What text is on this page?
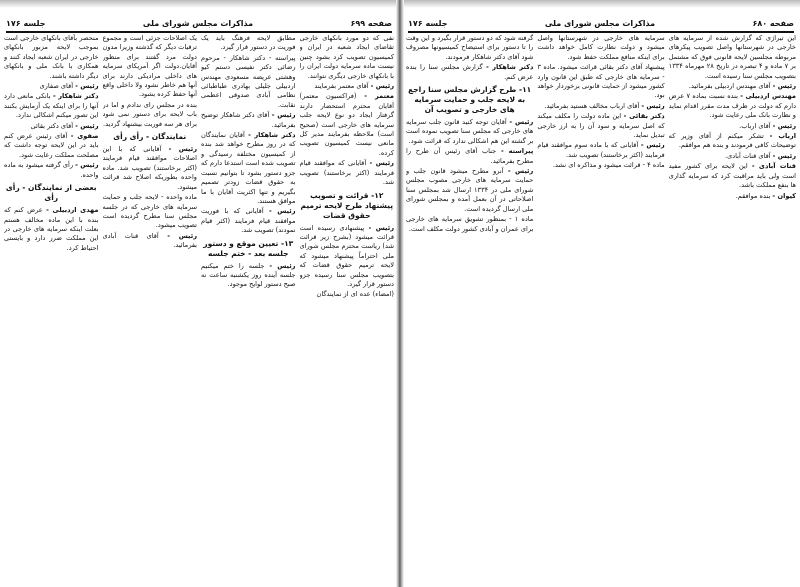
صفحه ۶۹۹
مذاکرات مجلس شورای ملی
جلسه ۱۷۶

نفی که دو مورد بانکهای خارجی تقاضای ایجاد شعبه در ایران و کمیسیون تصویب کرد بشود چنین نیست ماده سرمایه دولت ایران را با بانکهای خارجی دیگری نتوانند.

رئیس - آقای معتمر بفرمایند

معتمر - (فراکسیون معتمر) آقایان محترم استحضار دارند گرفتار ایجاد دو نوع لایحه جلب سرمایه های خارجی است (صحیح است) ملاحظه بفرمایند مدیر کل مانعی نیست کمیسیون تصویب کرده.

رئیس - آقایانی که موافقند قیام فرمایند (اکثر برخاستند) تصویب شد.

۱۲- قرائت و تصویب پیشنهاد طرح لایحه ترمیم حقوق قضات

رئیس - پیشنهادی رسیده است قرائت میشود (بشرح زیر قرائت شد) ریاست محترم مجلس شورای ملی احتراماً پیشنهاد میشود که لایحه ترمیم حقوق قضات که بتصویب مجلس سنا رسیده جزو دستور قرار گیرد.

(امضاء) عده ای از نمایندگان

مطابق لایحه فرهنگ باید یک فوریت در دستور قرار گیرد.

پیراسته - دکتر شاهکار - مرحوم رضائی دکتر نفیسی دستم کیو وهشتی عریضه مسعودی مهندس اردبیلی جلیلی بهادری طباطبائی نظامی آبادی صدوقی اعظمی نقابت.

رئیس - آقای دکتر شاهکار توضیح بفرمائید.

دکتر شاهکار - آقایان نمایندگان که در روز مطرح خواهد شد بنده از کمیسیون مختلفه رسیدگی و تصویب شده است استدعا دارم که جزو دستور بشود تا بتوانیم نسبت به حقوق قضات زودتر تصمیم بگیریم و تنها اکثریت آقایان با ما موافق هستند.

رئیس - آقایانی که با فوریت موافقند قیام فرمایند (اکثر قیام نمودند) تصویب شد.

۱۳- تعیین موقع و دستور جلسه بعد - ختم جلسه

رئیس - جلسه را ختم میکنیم جلسه آینده روز یکشنبه ساعت نه صبح دستور لوایح موجود.

یک اصلاحات جزئی است و مجموع ترقیات دیگر که گذشته وزیرا مدون دولت مرد گفتند برای منظور آقایان.دولت اگر آمریکای سرمایه های داخلی مرادیکی دارند برای آنها هم خاطر نشود ولا داخلی واقع آنها حفظ کرده بشود.

بنده در مجلس رای ندادم و اما در باب لایحه برای دستور نمی شود برای هر سه فوریت بیشنهاد گردید.

نمایندگان - رأی رأی

رئیس - آقایانی که با این اصلاحات موافقند قیام فرمایند (اکثر برخاستند) تصویب شد. ماده واحده بطوریکه اصلاح شد قرائت میشود.

ماده واحده - لایحه جلب و حمایت سرمایه های خارجی که در جلسه مجلس سنا مطرح گردیده است تصویب میشود.

رئیس - آقای قنات آبادی بفرمائید.

منحصر بآقای بانکهای خارجی است بموجب لایحه مزبور بانکهای خارجی در ایران شعبه ایجاد کنند و همکاری با بانک ملی و بانکهای دیگر داشته باشند.

رئیس - آقای صفاری

دکتر شاهکار - بانکی مانعی دارد آنها را برای اینکه یک آزمایش بکنند این تصور میکنم اشکالی ندارد.

رئیس - آقای دکتر بقائی

صفوی - آقای رئیس عرض کنم باید در این لایحه توجه داشت که مصلحت مملکت رعایت شود.

رئیس - رأی گرفته میشود به ماده واحده.

بعضی از نمایندگان - رأی رأی

مهدی اردبیلی - عرض کنم که بنده با این ماده مخالف هستم بعلت اینکه سرمایه های خارجی در این مملکت ضرر دارد و بایستی احتیاط کرد.

صفحه ۶۸۰
مذاکرات مجلس شورای ملی
جلسه ۱۷۶

این تیراژی که گزارش شده از سرمایه های خارجی در شهرستانها واصل تصویب پیکرهای مربوطه مجلسین لایحه قانونی فوق که مشتمل بر ۷ ماده و ۴ تبصره در تاریخ ۲۸ مهرماه ۱۳۳۴ بتصویب مجلس سنا رسیده است.

رئیس - آقای مهندس اردبیلی بفرمائید.

مهندس اردبیلی - بنده نسبت بماده ۷ عرض دارم که دولت در ظرف مدت مقرر اقدام نماید و نظارت بانک ملی رعایت شود.

رئیس - آقای ارباب.

ارباب - تشکر میکنم از آقای وزیر که توضیحات کافی فرمودند و بنده هم موافقم.

رئیس - آقای قنات آبادی.

قنات آبادی - این لایحه برای کشور مفید است ولی باید مراقبت کرد که سرمایه گذاری ها بنفع مملکت باشد.

کیوان - بنده موافقم.

سرمایه های خارجی در شهرستانها واصل میشود و دولت نظارت کامل خواهد داشت برای اینکه منافع مملکت حفظ شود.

پیشنهاد آقای دکتر بقائی قرائت میشود. ماده ۳ - سرمایه های خارجی که طبق این قانون وارد کشور میشود از حمایت قانونی برخوردار خواهد بود.

رئیس - آقای ارباب مخالف هستید بفرمائید.

دکتر بقائی - این ماده دولت را مکلف میکند که اصل سرمایه و سود آن را به ارز خارجی تبدیل نماید.

رئیس - آقایانی که با ماده سوم موافقند قیام فرمایند (اکثر برخاستند) تصویب شد.

ماده ۴ - قرائت میشود و مذاکره ای نشد.

گرفته شود که دو دستور قرار بگیرد و این وقت را تا دستور برای استیضاح کمیسیونها مصروف شود آقای دکتر شاهکار فرمودند.

دکتر شاهکار - گزارش مجلس سنا را بنده عرض کنم.

۱۱- طرح گزارش مجلس سنا راجع به لایحه جلب و حمایت سرمایه های خارجی و تصویب آن

رئیس - آقایان توجه کنید قانون جلب سرمایه های خارجی که مجلس سنا تصویب نموده است بر گشته این هم اشکالی ندارد که قرائت شود.

پیراسته - جناب آقای رئیس آن طرح را مطرح بفرمائید.

رئیس - آنرو مطرح میشود قانون جلب و حمایت سرمایه های خارجی مصوب مجلس شورای ملی در ۱۳۳۴ ارسال شد بمجلس سنا اصلاحاتی در آن بعمل آمده و بمجلس شورای ملی ارسال گردیده است.

ماده ۱ - بمنظور تشویق سرمایه های خارجی برای عمران و آبادی کشور دولت مکلف است.
